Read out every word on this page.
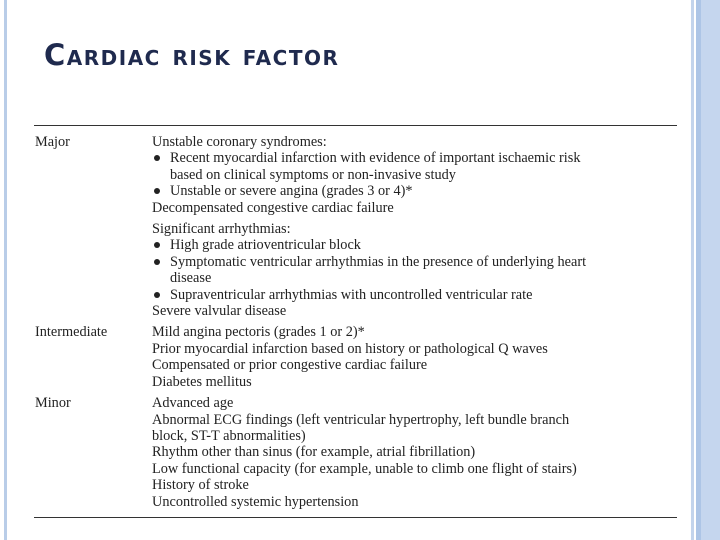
Cardiac risk factor
Major	Unstable coronary syndromes:
Recent myocardial infarction with evidence of important ischaemic risk
based on clinical symptoms or non-invasive study
Unstable or severe angina (grades 3 or 4)*
Decompensated congestive cardiac failure
Significant arrhythmias:
High grade atrioventricular block
Symptomatic ventricular arrhythmias in the presence of underlying heart
disease
Supraventricular arrhythmias with uncontrolled ventricular rate
Severe valvular disease
Intermediate	Mild angina pectoris (grades 1 or 2)*
Prior myocardial infarction based on history or pathological Q waves
Compensated or prior congestive cardiac failure
Diabetes mellitus
Minor	Advanced age
Abnormal ECG findings (left ventricular hypertrophy, left bundle branch
block, ST-T abnormalities)
Rhythm other than sinus (for example, atrial fibrillation)
Low functional capacity (for example, unable to climb one flight of stairs)
History of stroke
Uncontrolled systemic hypertension
